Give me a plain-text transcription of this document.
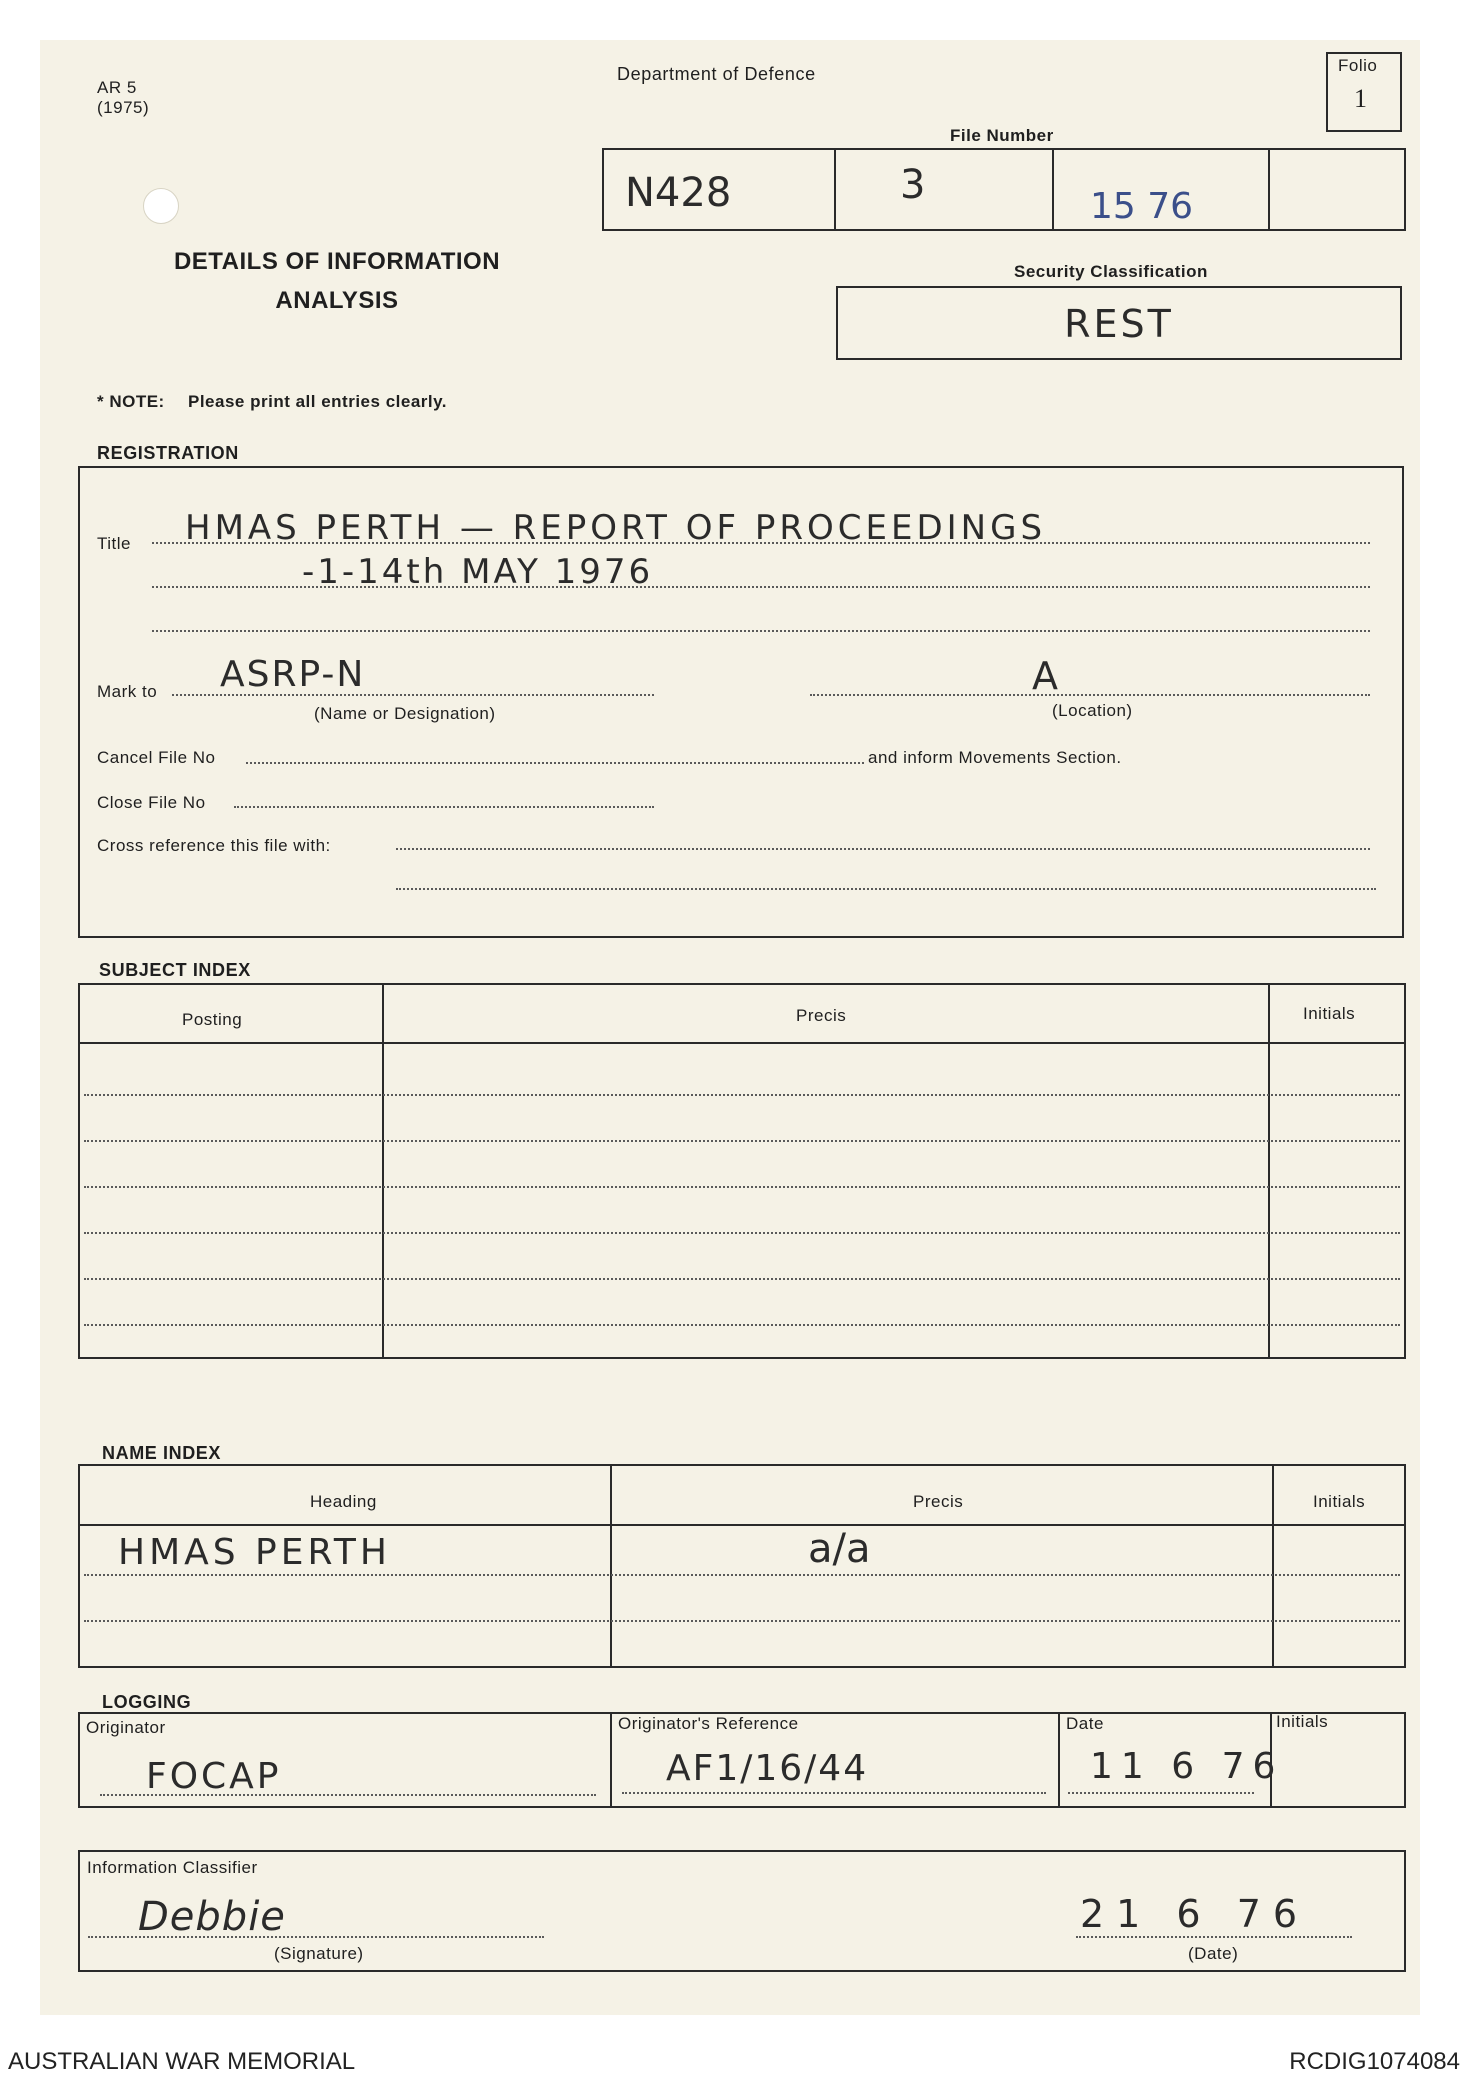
AR 5
(1975)
Department of Defence	Folio
1
File Number
N428	3	15 76
DETAILS OF INFORMATION
ANALYSIS
Security Classification
REST
* NOTE: Please print all entries clearly.
REGISTRATION
Title HMAS PERTH — REPORT OF PROCEEDINGS
-1-14th MAY 1976
Mark to ASRP-N
(Name or Designation)
A
(Location)
Cancel File No	and inform Movements Section.
Close File No
Cross reference this file with:
SUBJECT INDEX
Posting	Precis	Initials
NAME INDEX
Heading	Precis	Initials
HMAS PERTH	a/a
LOGGING
Originator	Originator's Reference	Date	Initials
FOCAP	AF1/16/44	11 6 76
Information Classifier
Debbie
(Signature)
21 6 76
(Date)
AUSTRALIAN WAR MEMORIAL	RCDIG1074084
